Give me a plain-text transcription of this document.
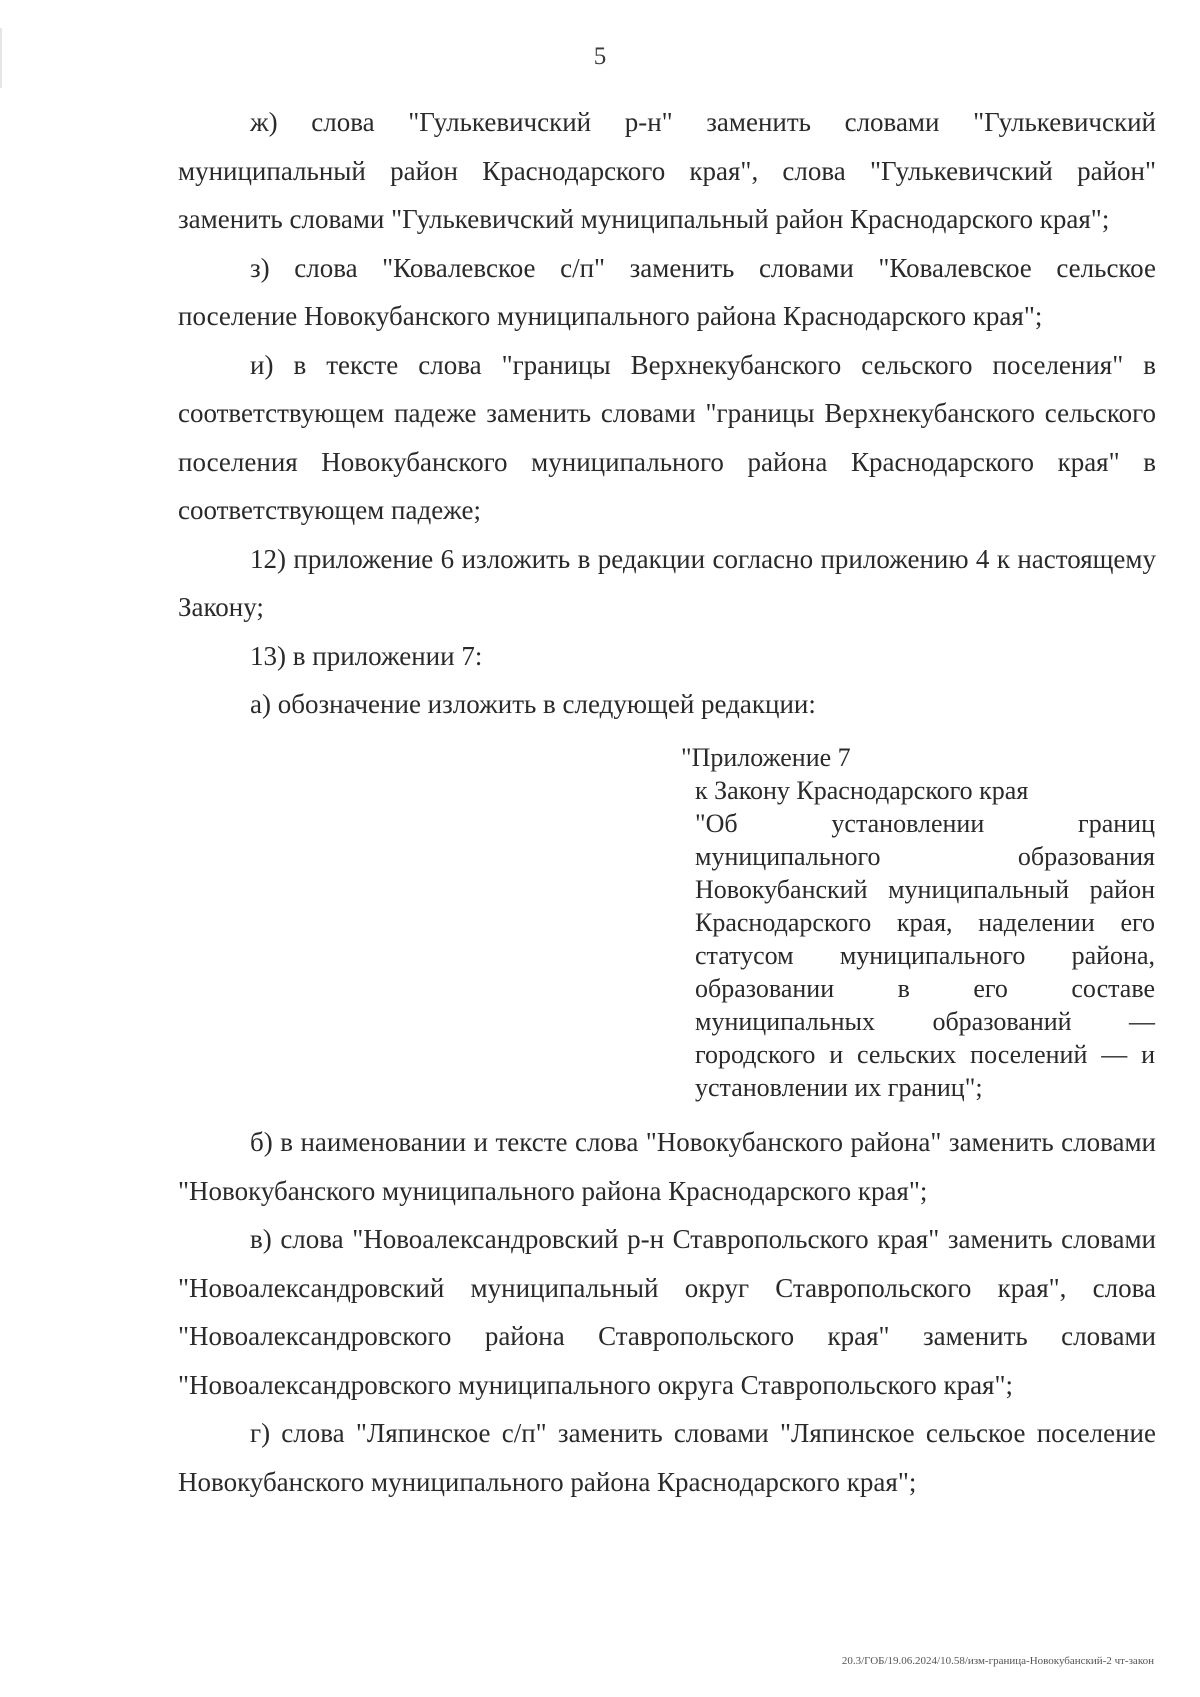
5

ж) слова "Гулькевичский р-н" заменить словами "Гулькевичский муниципальный район Краснодарского края", слова "Гулькевичский район" заменить словами "Гулькевичский муниципальный район Краснодарского края";

з) слова "Ковалевское с/п" заменить словами "Ковалевское сельское поселение Новокубанского муниципального района Краснодарского края";

и) в тексте слова "границы Верхнекубанского сельского поселения" в соответствующем падеже заменить словами "границы Верхнекубанского сельского поселения Новокубанского муниципального района Краснодарского края" в соответствующем падеже;

12) приложение 6 изложить в редакции согласно приложению 4 к настоящему Закону;

13) в приложении 7:

а) обозначение изложить в следующей редакции:

"Приложение 7
к Закону Краснодарского края

"Об установлении границ муниципального образования Новокубанский муниципальный район Краснодарского края, наделении его статусом муниципального района, образовании в его составе муниципальных образований — городского и сельских поселений — и установлении их границ";

б) в наименовании и тексте слова "Новокубанского района" заменить словами "Новокубанского муниципального района Краснодарского края";

в) слова "Новоалександровский р-н Ставропольского края" заменить словами "Новоалександровский муниципальный округ Ставропольского края", слова "Новоалександровского района Ставропольского края" заменить словами "Новоалександровского муниципального округа Ставропольского края";

г) слова "Ляпинское с/п" заменить словами "Ляпинское сельское поселение Новокубанского муниципального района Краснодарского края";

20.3/ГОБ/19.06.2024/10.58/изм-граница-Новокубанский-2 чт-закон
